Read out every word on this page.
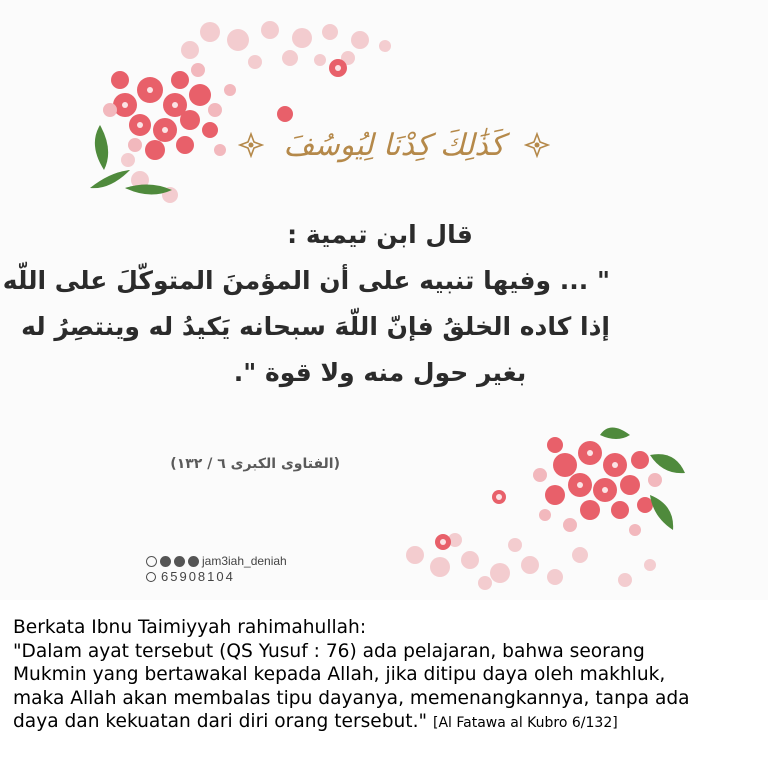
كَذَٰلِكَ كِدْنَا لِيُوسُفَ

قال ابن تيمية :

" ... وفيها تنبيه على أن المؤمنَ المتوكّلَ على اللّه

إذا كاده الخلقُ فإنّ اللّهَ سبحانه يَكيدُ له وينتصِرُ له

بغير حول منه ولا قوة ".

(الفتاوى الكبرى ٦ / ١٣٢)
jam3iah_deniah
65908104

Berkata Ibnu Taimiyyah rahimahullah:

"Dalam ayat tersebut (QS Yusuf : 76) ada pelajaran, bahwa seorang

Mukmin yang bertawakal kepada Allah, jika ditipu daya oleh makhluk,

maka Allah akan membalas tipu dayanya, memenangkannya, tanpa ada

daya dan kekuatan dari diri orang tersebut." [Al Fatawa al Kubro 6/132]
